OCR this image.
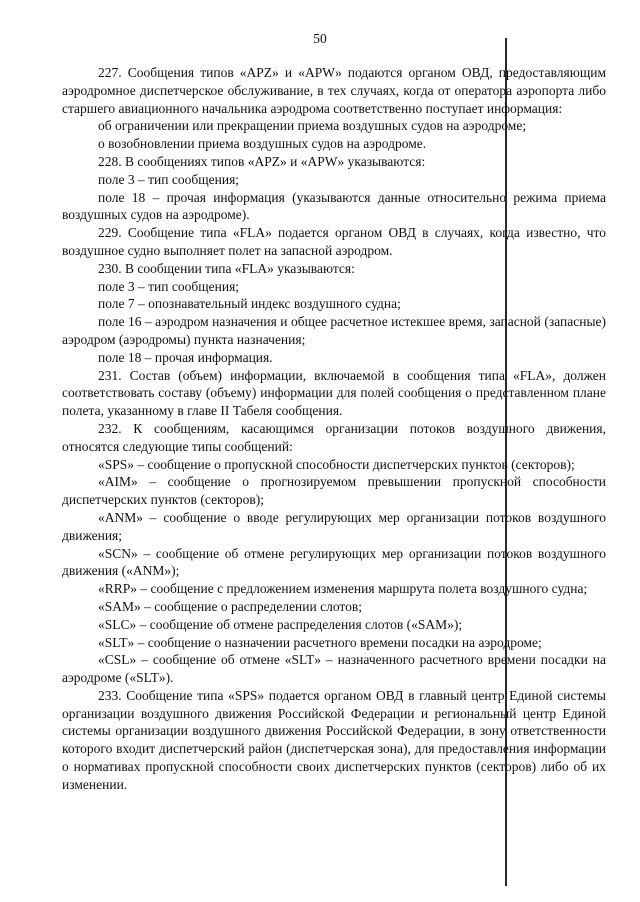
50

227. Сообщения типов «APZ» и «APW» подаются органом ОВД, предоставляющим аэродромное диспетчерское обслуживание, в тех случаях, когда от оператора аэропорта либо старшего авиационного начальника аэродрома соответственно поступает информация:

об ограничении или прекращении приема воздушных судов на аэродроме;

о возобновлении приема воздушных судов на аэродроме.

228. В сообщениях типов «APZ» и «APW» указываются:

поле 3 – тип сообщения;

поле 18 – прочая информация (указываются данные относительно режима приема воздушных судов на аэродроме).

229. Сообщение типа «FLA» подается органом ОВД в случаях, когда известно, что воздушное судно выполняет полет на запасной аэродром.

230. В сообщении типа «FLA» указываются:

поле 3 – тип сообщения;

поле 7 – опознавательный индекс воздушного судна;

поле 16 – аэродром назначения и общее расчетное истекшее время, запасной (запасные) аэродром (аэродромы) пункта назначения;

поле 18 – прочая информация.

231. Состав (объем) информации, включаемой в сообщения типа «FLA», должен соответствовать составу (объему) информации для полей сообщения о представленном плане полета, указанному в главе II Табеля сообщения.

232. К сообщениям, касающимся организации потоков воздушного движения, относятся следующие типы сообщений:

«SPS» – сообщение о пропускной способности диспетчерских пунктов (секторов);

«AIM» – сообщение о прогнозируемом превышении пропускной способности диспетчерских пунктов (секторов);

«ANM» – сообщение о вводе регулирующих мер организации потоков воздушного движения;

«SCN» – сообщение об отмене регулирующих мер организации потоков воздушного движения («ANM»);

«RRP» – сообщение с предложением изменения маршрута полета воздушного судна;

«SAM» – сообщение о распределении слотов;

«SLC» – сообщение об отмене распределения слотов («SAM»);

«SLT» – сообщение о назначении расчетного времени посадки на аэродроме;

«CSL» – сообщение об отмене «SLT» – назначенного расчетного времени посадки на аэродроме («SLT»).

233. Сообщение типа «SPS» подается органом ОВД в главный центр Единой системы организации воздушного движения Российской Федерации и региональный центр Единой системы организации воздушного движения Российской Федерации, в зону ответственности которого входит диспетчерский район (диспетчерская зона), для предоставления информации о нормативах пропускной способности своих диспетчерских пунктов (секторов) либо об их изменении.
